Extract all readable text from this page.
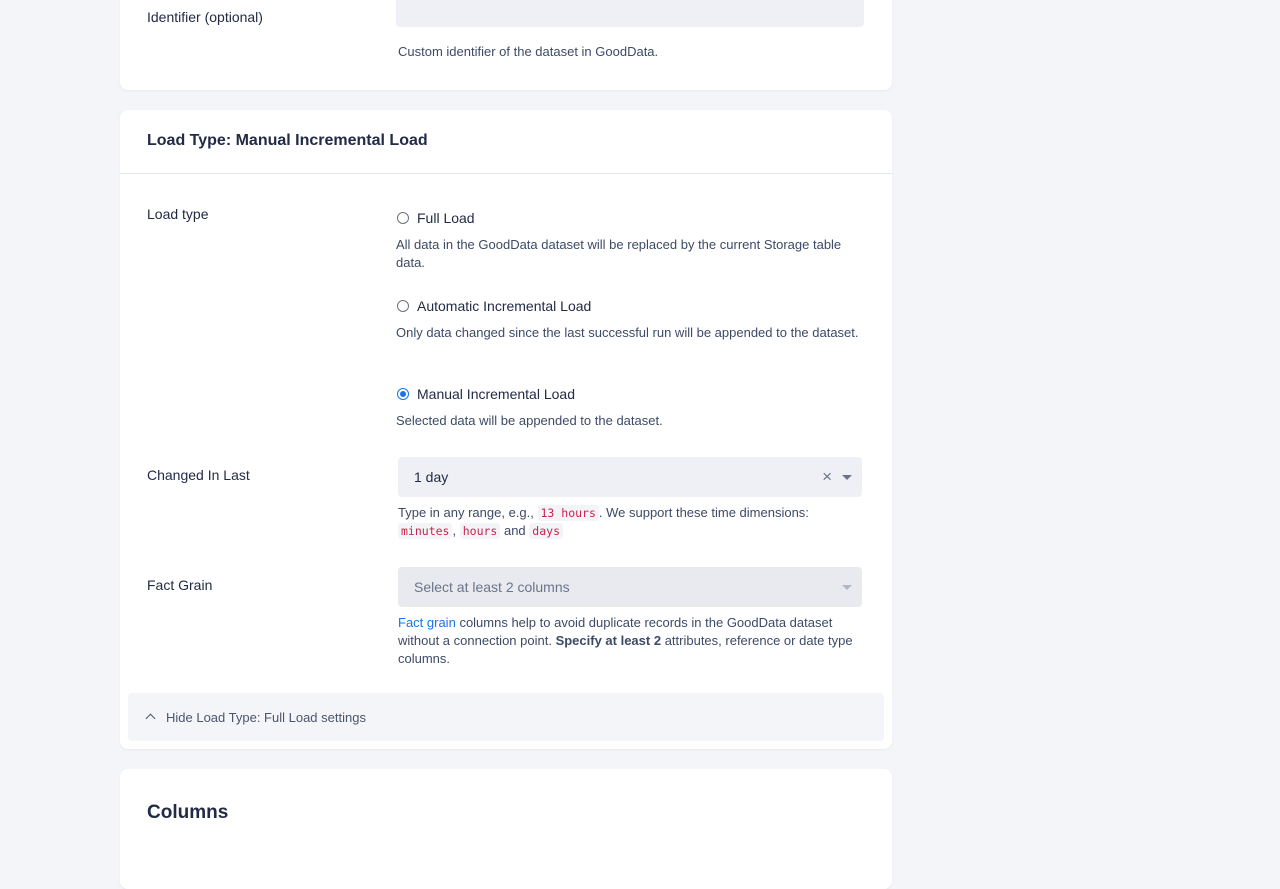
Identifier (optional)
Custom identifier of the dataset in GoodData.
Load Type: Manual Incremental Load
Load type	Full Load
All data in the GoodData dataset will be replaced by the current Storage table data.
Automatic Incremental Load
Only data changed since the last successful run will be appended to the dataset.
Manual Incremental Load
Selected data will be appended to the dataset.
Changed In Last	1 day	×
Type in any range, e.g., 13 hours . We support these time dimensions:
minutes , hours and days
Fact Grain	Select at least 2 columns
Fact grain columns help to avoid duplicate records in the GoodData dataset without a connection point. Specify at least 2 attributes, reference or date type columns.
Hide Load Type: Full Load settings
Columns
